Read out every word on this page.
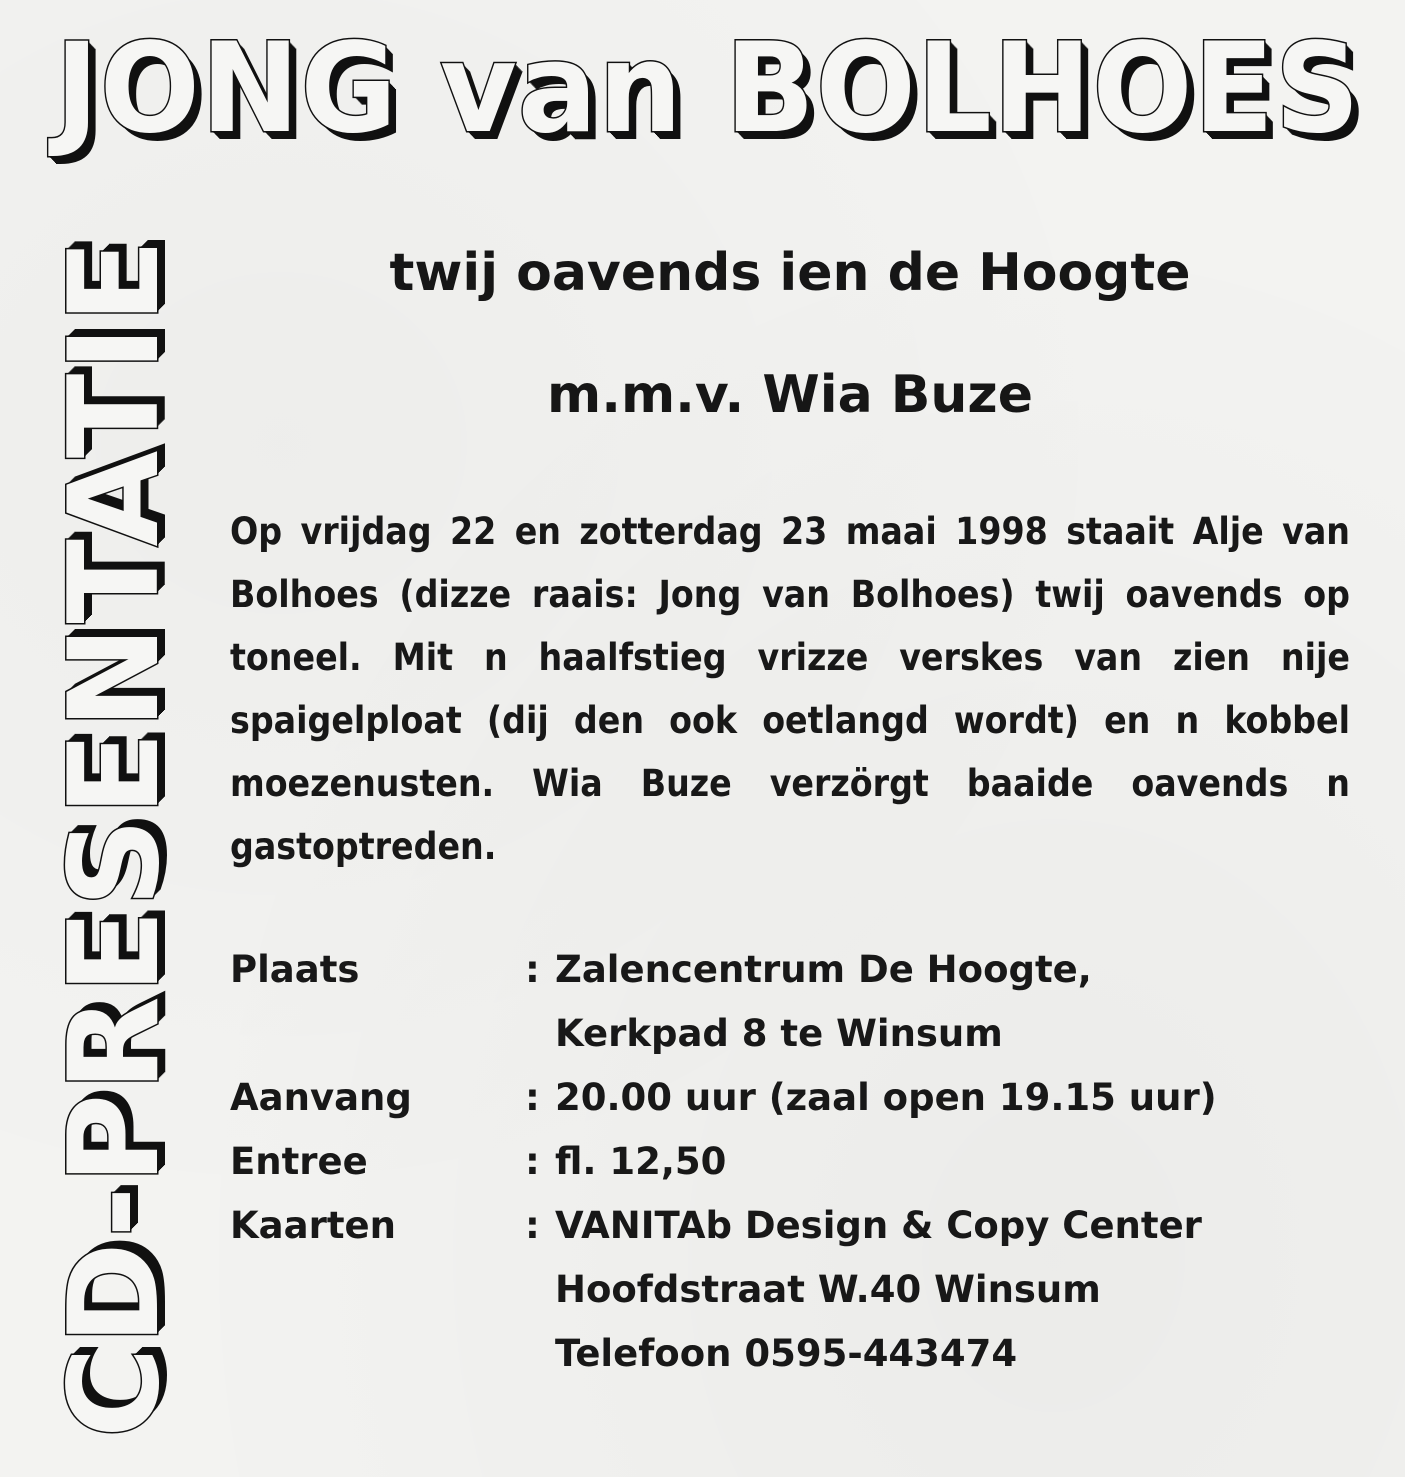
JONG van BOLHOES
CD-PRESENTATIE	twij oavends ien de Hoogte
m.m.v. Wia Buze

Op vrijdag 22 en zotterdag 23 maai 1998 staait Alje van Bolhoes (dizze raais: Jong van Bolhoes) twij oavends op toneel. Mit n haalfstieg vrizze verskes van zien nije spaigelploat (dij den ook oetlangd wordt) en n kobbel moezenusten. Wia Buze verzörgt baaide oavends n gastoptreden.

Plaats	: Zalencentrum De Hoogte,
Kerkpad 8 te Winsum
Aanvang	: 20.00 uur (zaal open 19.15 uur)
Entree	: fl. 12,50
Kaarten	: VANITAb Design & Copy Center
Hoofdstraat W.40 Winsum
Telefoon 0595-443474
